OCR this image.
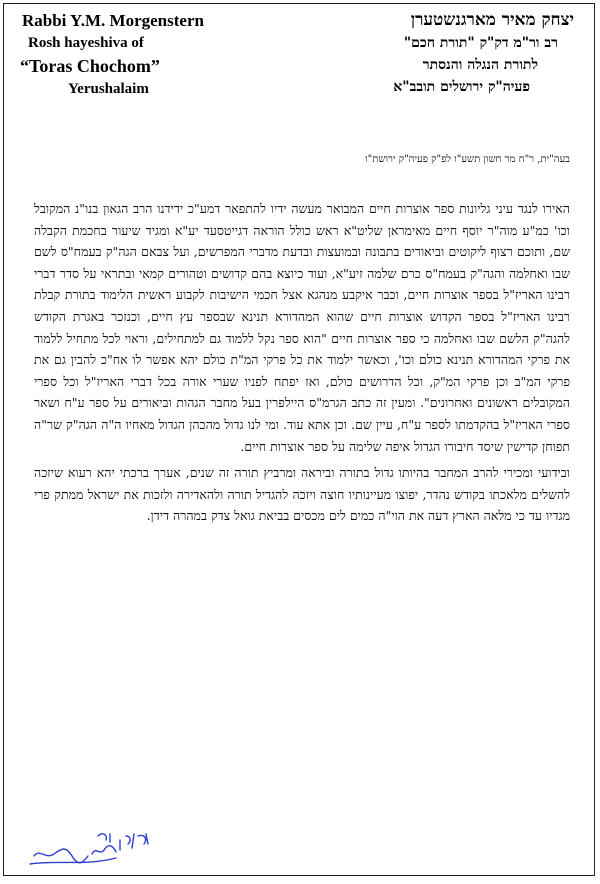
Rabbi Y.M. Morgenstern
Rosh hayeshiva of
“Toras Chochom”
Yerushalaim
יצחק מאיר מארגנשטערן
רב ור"מ דק"ק "תורת חכם"
לתורת הנגלה והנסתר
פעיה"ק ירושלים תובב"א
בעה"ית, ר"ח מר חשון תשע"ו לפ"ק פעיה"ק ירושת"ו

האירו לנגד עיני גליונות ספר אוצרות חיים המבואר מעשה ידיו להתפאר דמע"כ ידידנו הרב הגאון בנו"נ המקובל וכו' כמ"ע מוה"ר יוסף חיים מאימראן שליט"א ראש כולל הוראה דגייטסעד יע"א ומגיד שיעור בחכמת הקבלה שם, ותוכם רצוף ליקוטים וביאורים בתבונה ובמועצות ובדעת מדברי המפרשים, ועל צבאם הגה"ק בעמח"ס לשם שבו ואחלמה והגה"ק בעמח"ס כרם שלמה זיע"א, ועוד כיוצא בהם קדושים וטהורים קמאי ובתראי על סדר דברי רבינו האריז"ל בספר אוצרות חיים, וכבר איקבע מנהגא אצל חכמי הישיבות לקבוע ראשית הלימוד בתורת קבלת רבינו האריז"ל בספר הקדוש אוצרות חיים שהוא המהדורא תנינא שבספר עץ חיים, וכנזכר באגרת הקודש להגה"ק הלשם שבו ואחלמה כי ספר אוצרות חיים "הוא ספר נקל ללמוד גם למתחילים, וראוי לכל מתחיל ללמוד את פרקי המהדורא תנינא כולם וכו', וכאשר ילמוד את כל פרקי המ"ת כולם יהא אפשר לו אח"כ להבין גם את פרקי המ"ב וכן פרקי המ"ק, וכל הדרושים כולם, ואז יפתח לפניו שערי אורה בכל דברי האריז"ל וכל ספרי המקובלים ראשונים ואחרונים". ומעין זה כתב הגרמ"ס היילפרין בעל מחבר הגהות וביאורים על ספר ע"ח ושאר ספרי האריז"ל בהקדמתו לספר ע"ח, עיין שם. וכן אתא עוד. ומי לנו גדול מהכהן הגדול מאחיו ה"ה הגה"ק שר"ה תפוחן קדישין שיסד חיבורו הגדול איפה שלימה על ספר אוצרות חיים.

ובידועי ומכירי להרב המחבר בהיותו גדול בתורה וביראה ומרביץ תורה זה שנים, אערך ברכתי יהא רעוא שיזכה להשלים מלאכתו בקודש נהדר, יפוצו מעיינותיו חוצה ויזכה להגדיל תורה ולהאדירה ולזכות את ישראל ממתק פרי מגדיו עד כי מלאה הארץ דעה את הוי"ה כמים לים מכסים בביאת גואל צדק במהרה דידן.
